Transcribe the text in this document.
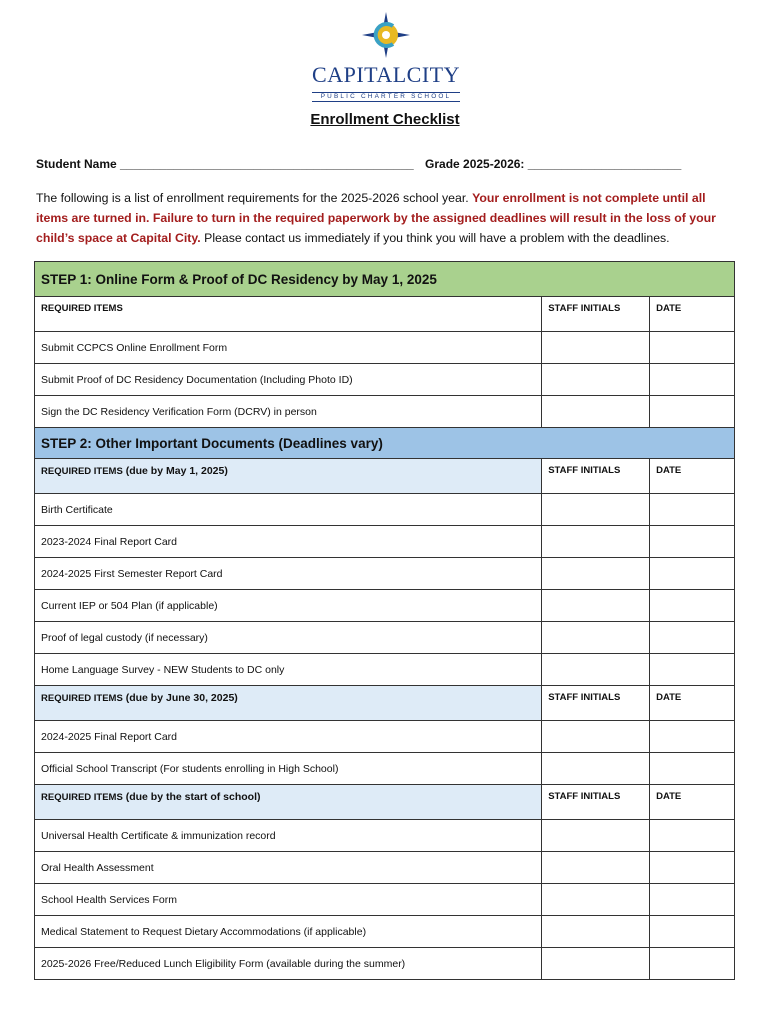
CAPITALCITY
PUBLIC CHARTER SCHOOL
Enrollment Checklist
Student Name ____________________________________________ Grade 2025-2026: _______________________
The following is a list of enrollment requirements for the 2025-2026 school year. Your enrollment is not complete until all items are turned in. Failure to turn in the required paperwork by the assigned deadlines will result in the loss of your child’s space at Capital City. Please contact us immediately if you think you will have a problem with the deadlines.
STEP 1: Online Form & Proof of DC Residency by May 1, 2025		
REQUIRED ITEMS	STAFF INITIALS	DATE
Submit CCPCS Online Enrollment Form		
Submit Proof of DC Residency Documentation (Including Photo ID)		
Sign the DC Residency Verification Form (DCRV) in person		
STEP 2: Other Important Documents (Deadlines vary)		
REQUIRED ITEMS (due by May 1, 2025)	STAFF INITIALS	DATE
Birth Certificate		
2023-2024 Final Report Card		
2024-2025 First Semester Report Card		
Current IEP or 504 Plan (if applicable)		
Proof of legal custody (if necessary)		
Home Language Survey - NEW Students to DC only		
REQUIRED ITEMS (due by June 30, 2025)	STAFF INITIALS	DATE
2024-2025 Final Report Card		
Official School Transcript (For students enrolling in High School)		
REQUIRED ITEMS (due by the start of school)	STAFF INITIALS	DATE
Universal Health Certificate & immunization record		
Oral Health Assessment		
School Health Services Form		
Medical Statement to Request Dietary Accommodations (if applicable)		
2025-2026 Free/Reduced Lunch Eligibility Form (available during the summer)		
